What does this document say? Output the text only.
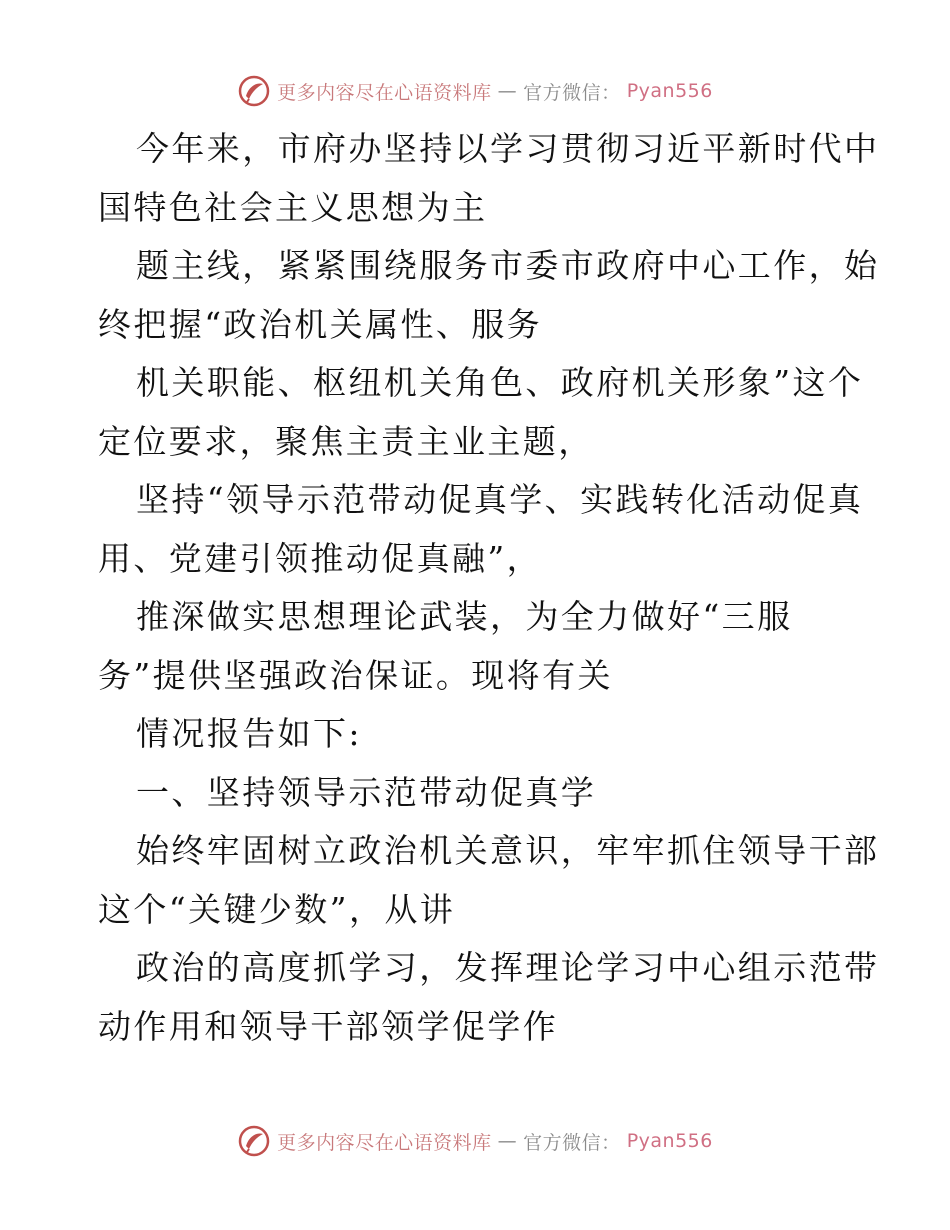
更多内容尽在心语资料库 — 官方微信： Pyan556
今年来，市府办坚持以学习贯彻习近平新时代中
国特色社会主义思想为主
题主线，紧紧围绕服务市委市政府中心工作，始
终把握“政治机关属性、服务
机关职能、枢纽机关角色、政府机关形象”这个
定位要求，聚焦主责主业主题，
坚持“领导示范带动促真学、实践转化活动促真
用、党建引领推动促真融”，
推深做实思想理论武装，为全力做好“三服
务”提供坚强政治保证。现将有关
情况报告如下:
一、坚持领导示范带动促真学
始终牢固树立政治机关意识，牢牢抓住领导干部
这个“关键少数”，从讲
政治的高度抓学习，发挥理论学习中心组示范带
动作用和领导干部领学促学作
更多内容尽在心语资料库 — 官方微信： Pyan556
